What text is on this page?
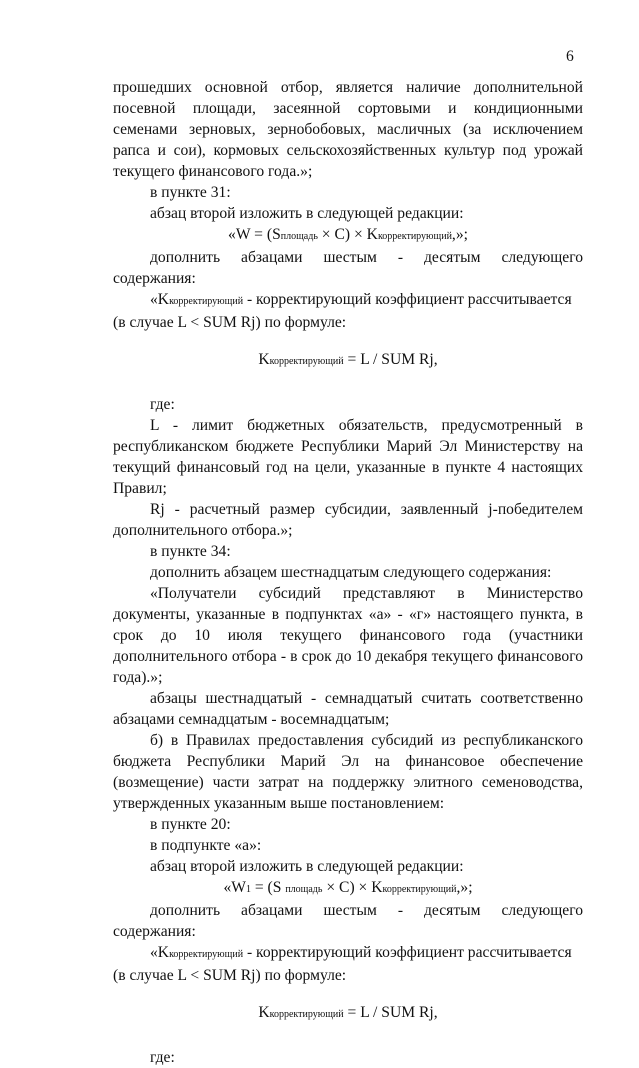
6

прошедших основной отбор, является наличие дополнительной посевной площади, засеянной сортовыми и кондиционными семенами зерновых, зернобобовых, масличных (за исключением рапса и сои), кормовых сельскохозяйственных культур под урожай текущего финансового года.»;

в пункте 31:

абзац второй изложить в следующей редакции:

«W = (Sплощадь × C) × Kкорректирующий,»;

дополнить абзацами шестым - десятым следующего содержания:

«Kкорректирующий - корректирующий коэффициент рассчитывается

(в случае L < SUM Rj) по формуле:

Kкорректирующий = L / SUM Rj,

где:

L - лимит бюджетных обязательств, предусмотренный в республиканском бюджете Республики Марий Эл Министерству на текущий финансовый год на цели, указанные в пункте 4 настоящих Правил;

Rj - расчетный размер субсидии, заявленный j-победителем дополнительного отбора.»;

в пункте 34:

дополнить абзацем шестнадцатым следующего содержания:

«Получатели субсидий представляют в Министерство документы, указанные в подпунктах «а» - «г» настоящего пункта, в срок до 10 июля текущего финансового года (участники дополнительного отбора - в срок до 10 декабря текущего финансового года).»;

абзацы шестнадцатый - семнадцатый считать соответственно абзацами семнадцатым - восемнадцатым;

б) в Правилах предоставления субсидий из республиканского бюджета Республики Марий Эл на финансовое обеспечение (возмещение) части затрат на поддержку элитного семеноводства, утвержденных указанным выше постановлением:

в пункте 20:

в подпункте «а»:

абзац второй изложить в следующей редакции:

«W1 = (S площадь × C) × Kкорректирующий,»;

дополнить абзацами шестым - десятым следующего содержания:

«Kкорректирующий - корректирующий коэффициент рассчитывается

(в случае L < SUM Rj) по формуле:

Kкорректирующий = L / SUM Rj,

где:
